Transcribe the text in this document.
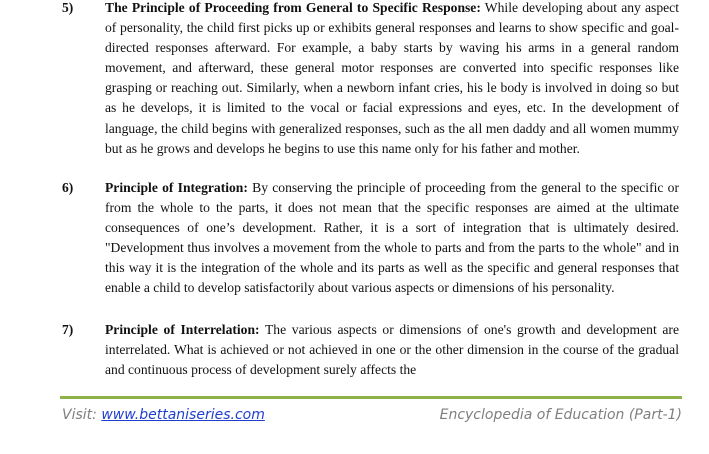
5) The Principle of Proceeding from General to Specific Response: While developing about any aspect of personality, the child first picks up or exhibits general responses and learns to show specific and goal-directed responses afterward. For example, a baby starts by waving his arms in a general random movement, and afterward, these general motor responses are converted into specific responses like grasping or reaching out. Similarly, when a newborn infant cries, his le body is involved in doing so but as he develops, it is limited to the vocal or facial expressions and eyes, etc. In the development of language, the child begins with generalized responses, such as the all men daddy and all women mummy but as he grows and develops he begins to use this name only for his father and mother.

6) Principle of Integration: By conserving the principle of proceeding from the general to the specific or from the whole to the parts, it does not mean that the specific responses are aimed at the ultimate consequences of one’s development. Rather, it is a sort of integration that is ultimately desired. "Development thus involves a movement from the whole to parts and from the parts to the whole" and in this way it is the integration of the whole and its parts as well as the specific and general responses that enable a child to develop satisfactorily about various aspects or dimensions of his personality.

7) Principle of Interrelation: The various aspects or dimensions of one's growth and development are interrelated. What is achieved or not achieved in one or the other dimension in the course of the gradual and continuous process of development surely affects the

Visit: www.bettaniseries.com	Encyclopedia of Education (Part-1)
